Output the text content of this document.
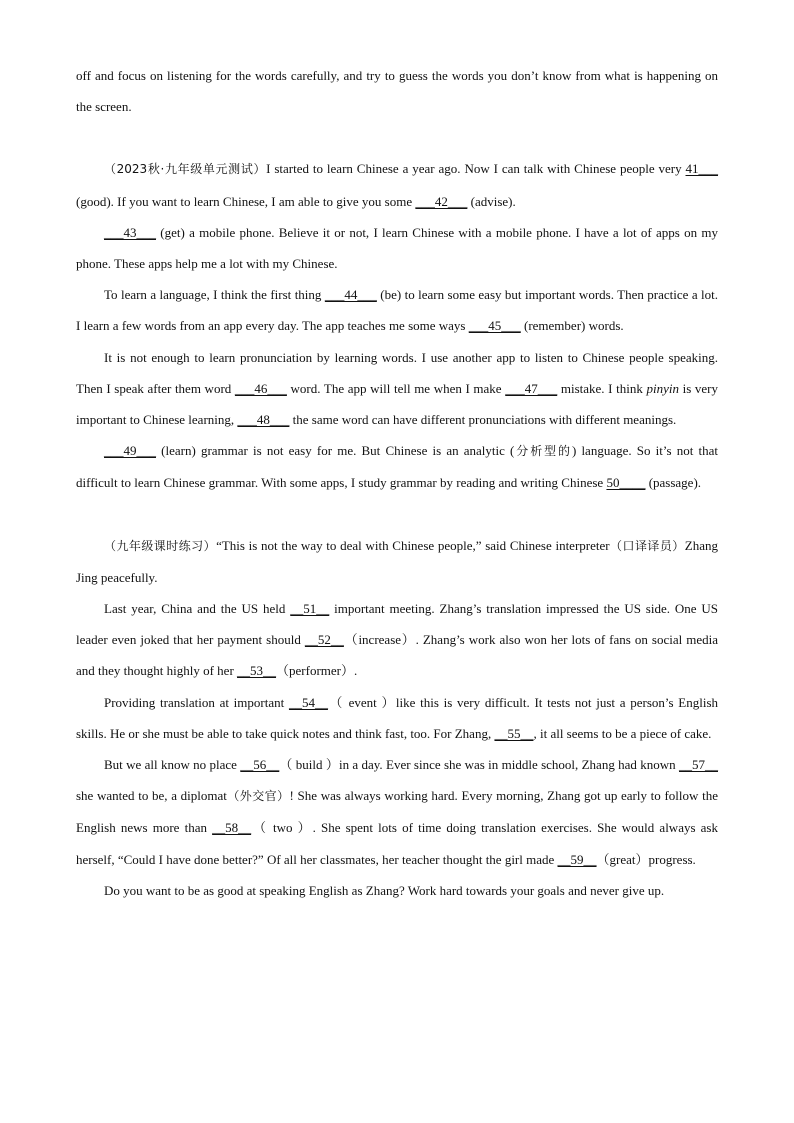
off and focus on listening for the words carefully, and try to guess the words you don’t know from what is happening on the screen.

（2023秋·九年级单元测试）I started to learn Chinese a year ago. Now I can talk with Chinese people very 41___ (good). If you want to learn Chinese, I am able to give you some ___42___ (advise).

___43___ (get) a mobile phone. Believe it or not, I learn Chinese with a mobile phone. I have a lot of apps on my phone. These apps help me a lot with my Chinese.

To learn a language, I think the first thing ___44___ (be) to learn some easy but important words. Then practice a lot. I learn a few words from an app every day. The app teaches me some ways ___45___ (remember) words.

It is not enough to learn pronunciation by learning words. I use another app to listen to Chinese people speaking. Then I speak after them word ___46___ word. The app will tell me when I make ___47___ mistake. I think pinyin is very important to Chinese learning, ___48___ the same word can have different pronunciations with different meanings.

___49___ (learn) grammar is not easy for me. But Chinese is an analytic (分析型的) language. So it’s not that difficult to learn Chinese grammar. With some apps, I study grammar by reading and writing Chinese 50____ (passage).

（九年级课时练习）“This is not the way to deal with Chinese people,” said Chinese interpreter（口译译员）Zhang Jing peacefully.

Last year, China and the US held __51__ important meeting. Zhang’s translation impressed the US side. One US leader even joked that her payment should __52__（increase）. Zhang’s work also won her lots of fans on social media and they thought highly of her __53__（performer）.

Providing translation at important __54__（ event ）like this is very difficult. It tests not just a person’s English skills. He or she must be able to take quick notes and think fast, too. For Zhang, __55__, it all seems to be a piece of cake.

But we all know no place __56__（ build ）in a day. Ever since she was in middle school, Zhang had known __57__ she wanted to be, a diplomat（外交官）! She was always working hard. Every morning, Zhang got up early to follow the English news more than __58__（ two ）. She spent lots of time doing translation exercises. She would always ask herself, “Could I have done better?” Of all her classmates, her teacher thought the girl made __59__（great）progress.

Do you want to be as good at speaking English as Zhang? Work hard towards your goals and never give up.
